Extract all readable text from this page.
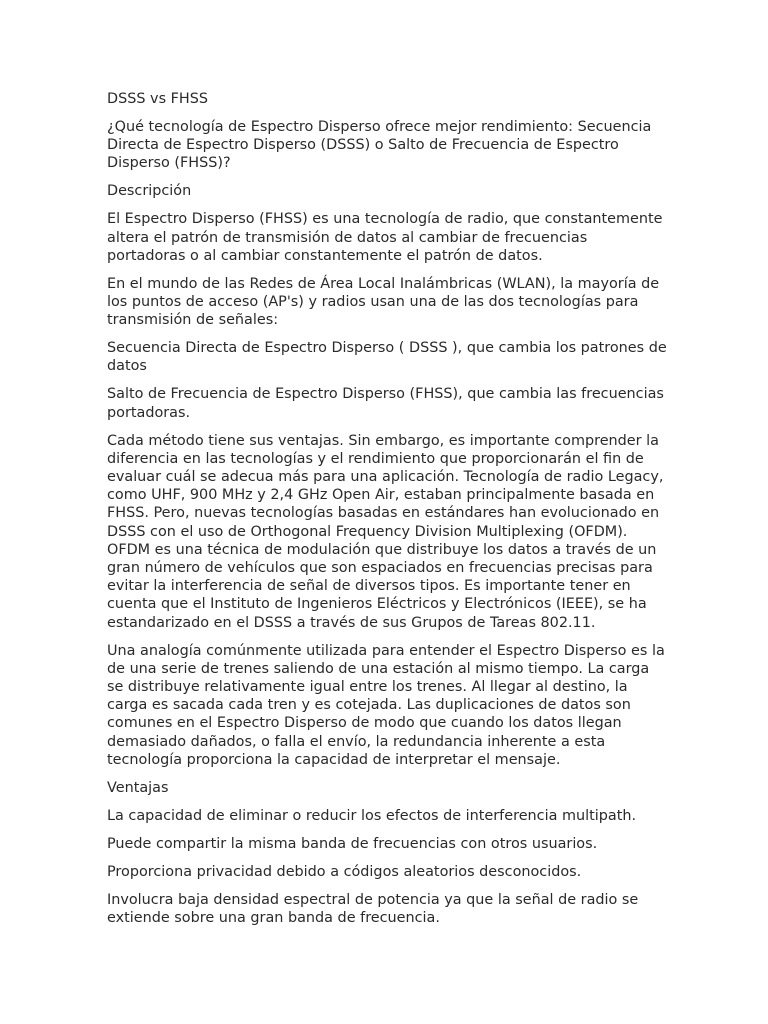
DSSS vs FHSS

¿Qué tecnología de Espectro Disperso ofrece mejor rendimiento: Secuencia Directa de Espectro Disperso (DSSS) o Salto de Frecuencia de Espectro Disperso (FHSS)?

Descripción

El Espectro Disperso (FHSS) es una tecnología de radio, que constantemente altera el patrón de transmisión de datos al cambiar de frecuencias portadoras o al cambiar constantemente el patrón de datos.

En el mundo de las Redes de Área Local Inalámbricas (WLAN), la mayoría de los puntos de acceso (AP's) y radios usan una de las dos tecnologías para transmisión de señales:

Secuencia Directa de Espectro Disperso ( DSSS ), que cambia los patrones de datos

Salto de Frecuencia de Espectro Disperso (FHSS), que cambia las frecuencias portadoras.

Cada método tiene sus ventajas. Sin embargo, es importante comprender la diferencia en las tecnologías y el rendimiento que proporcionarán el fin de evaluar cuál se adecua más para una aplicación. Tecnología de radio Legacy, como UHF, 900 MHz y 2,4 GHz Open Air, estaban principalmente basada en FHSS. Pero, nuevas tecnologías basadas en estándares han evolucionado en DSSS con el uso de Orthogonal Frequency Division Multiplexing (OFDM). OFDM es una técnica de modulación que distribuye los datos a través de un gran número de vehículos que son espaciados en frecuencias precisas para evitar la interferencia de señal de diversos tipos. Es importante tener en cuenta que el Instituto de Ingenieros Eléctricos y Electrónicos (IEEE), se ha estandarizado en el DSSS a través de sus Grupos de Tareas 802.11.

Una analogía comúnmente utilizada para entender el Espectro Disperso es la de una serie de trenes saliendo de una estación al mismo tiempo. La carga se distribuye relativamente igual entre los trenes. Al llegar al destino, la carga es sacada cada tren y es cotejada. Las duplicaciones de datos son comunes en el Espectro Disperso de modo que cuando los datos llegan demasiado dañados, o falla el envío, la redundancia inherente a esta tecnología proporciona la capacidad de interpretar el mensaje.

Ventajas

La capacidad de eliminar o reducir los efectos de interferencia multipath.

Puede compartir la misma banda de frecuencias con otros usuarios.

Proporciona privacidad debido a códigos aleatorios desconocidos.

Involucra baja densidad espectral de potencia ya que la señal de radio se extiende sobre una gran banda de frecuencia.
